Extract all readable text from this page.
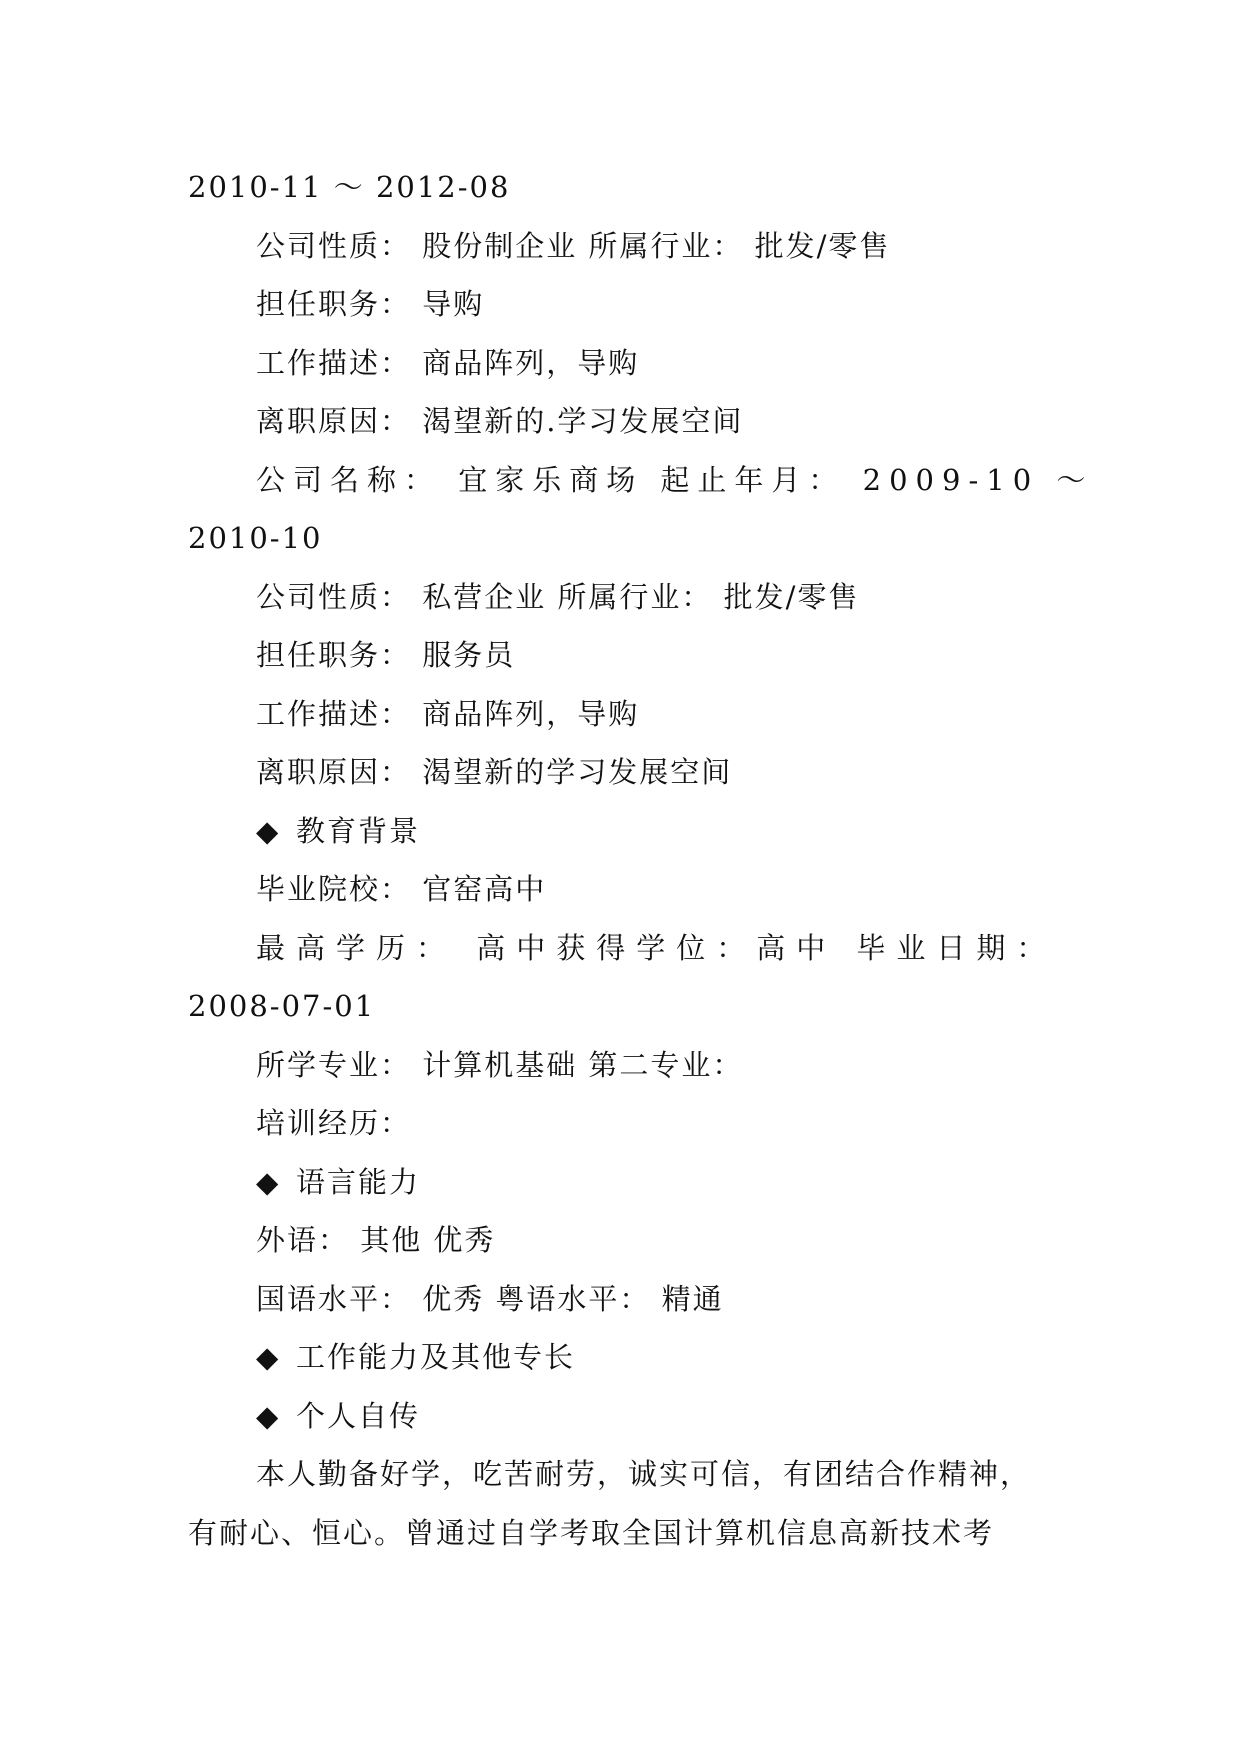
2010-11 ～ 2012-08
公司性质： 股份制企业 所属行业： 批发/零售
担任职务： 导购
工作描述： 商品阵列，导购
离职原因： 渴望新的.学习发展空间
公司名称： 宜家乐商场 起止年月： 2009-10 ～
2010-10
公司性质： 私营企业 所属行业： 批发/零售
担任职务： 服务员
工作描述： 商品阵列，导购
离职原因： 渴望新的学习发展空间
◆ 教育背景
毕业院校： 官窑高中
最高学历： 高中获得学位：高中 毕业日期：
2008-07-01
所学专业： 计算机基础 第二专业：
培训经历：
◆ 语言能力
外语： 其他 优秀
国语水平： 优秀 粤语水平： 精通
◆ 工作能力及其他专长
◆ 个人自传
本人勤备好学，吃苦耐劳，诚实可信，有团结合作精神，有耐心、恒心。曾通过自学考取全国计算机信息高新技术考
